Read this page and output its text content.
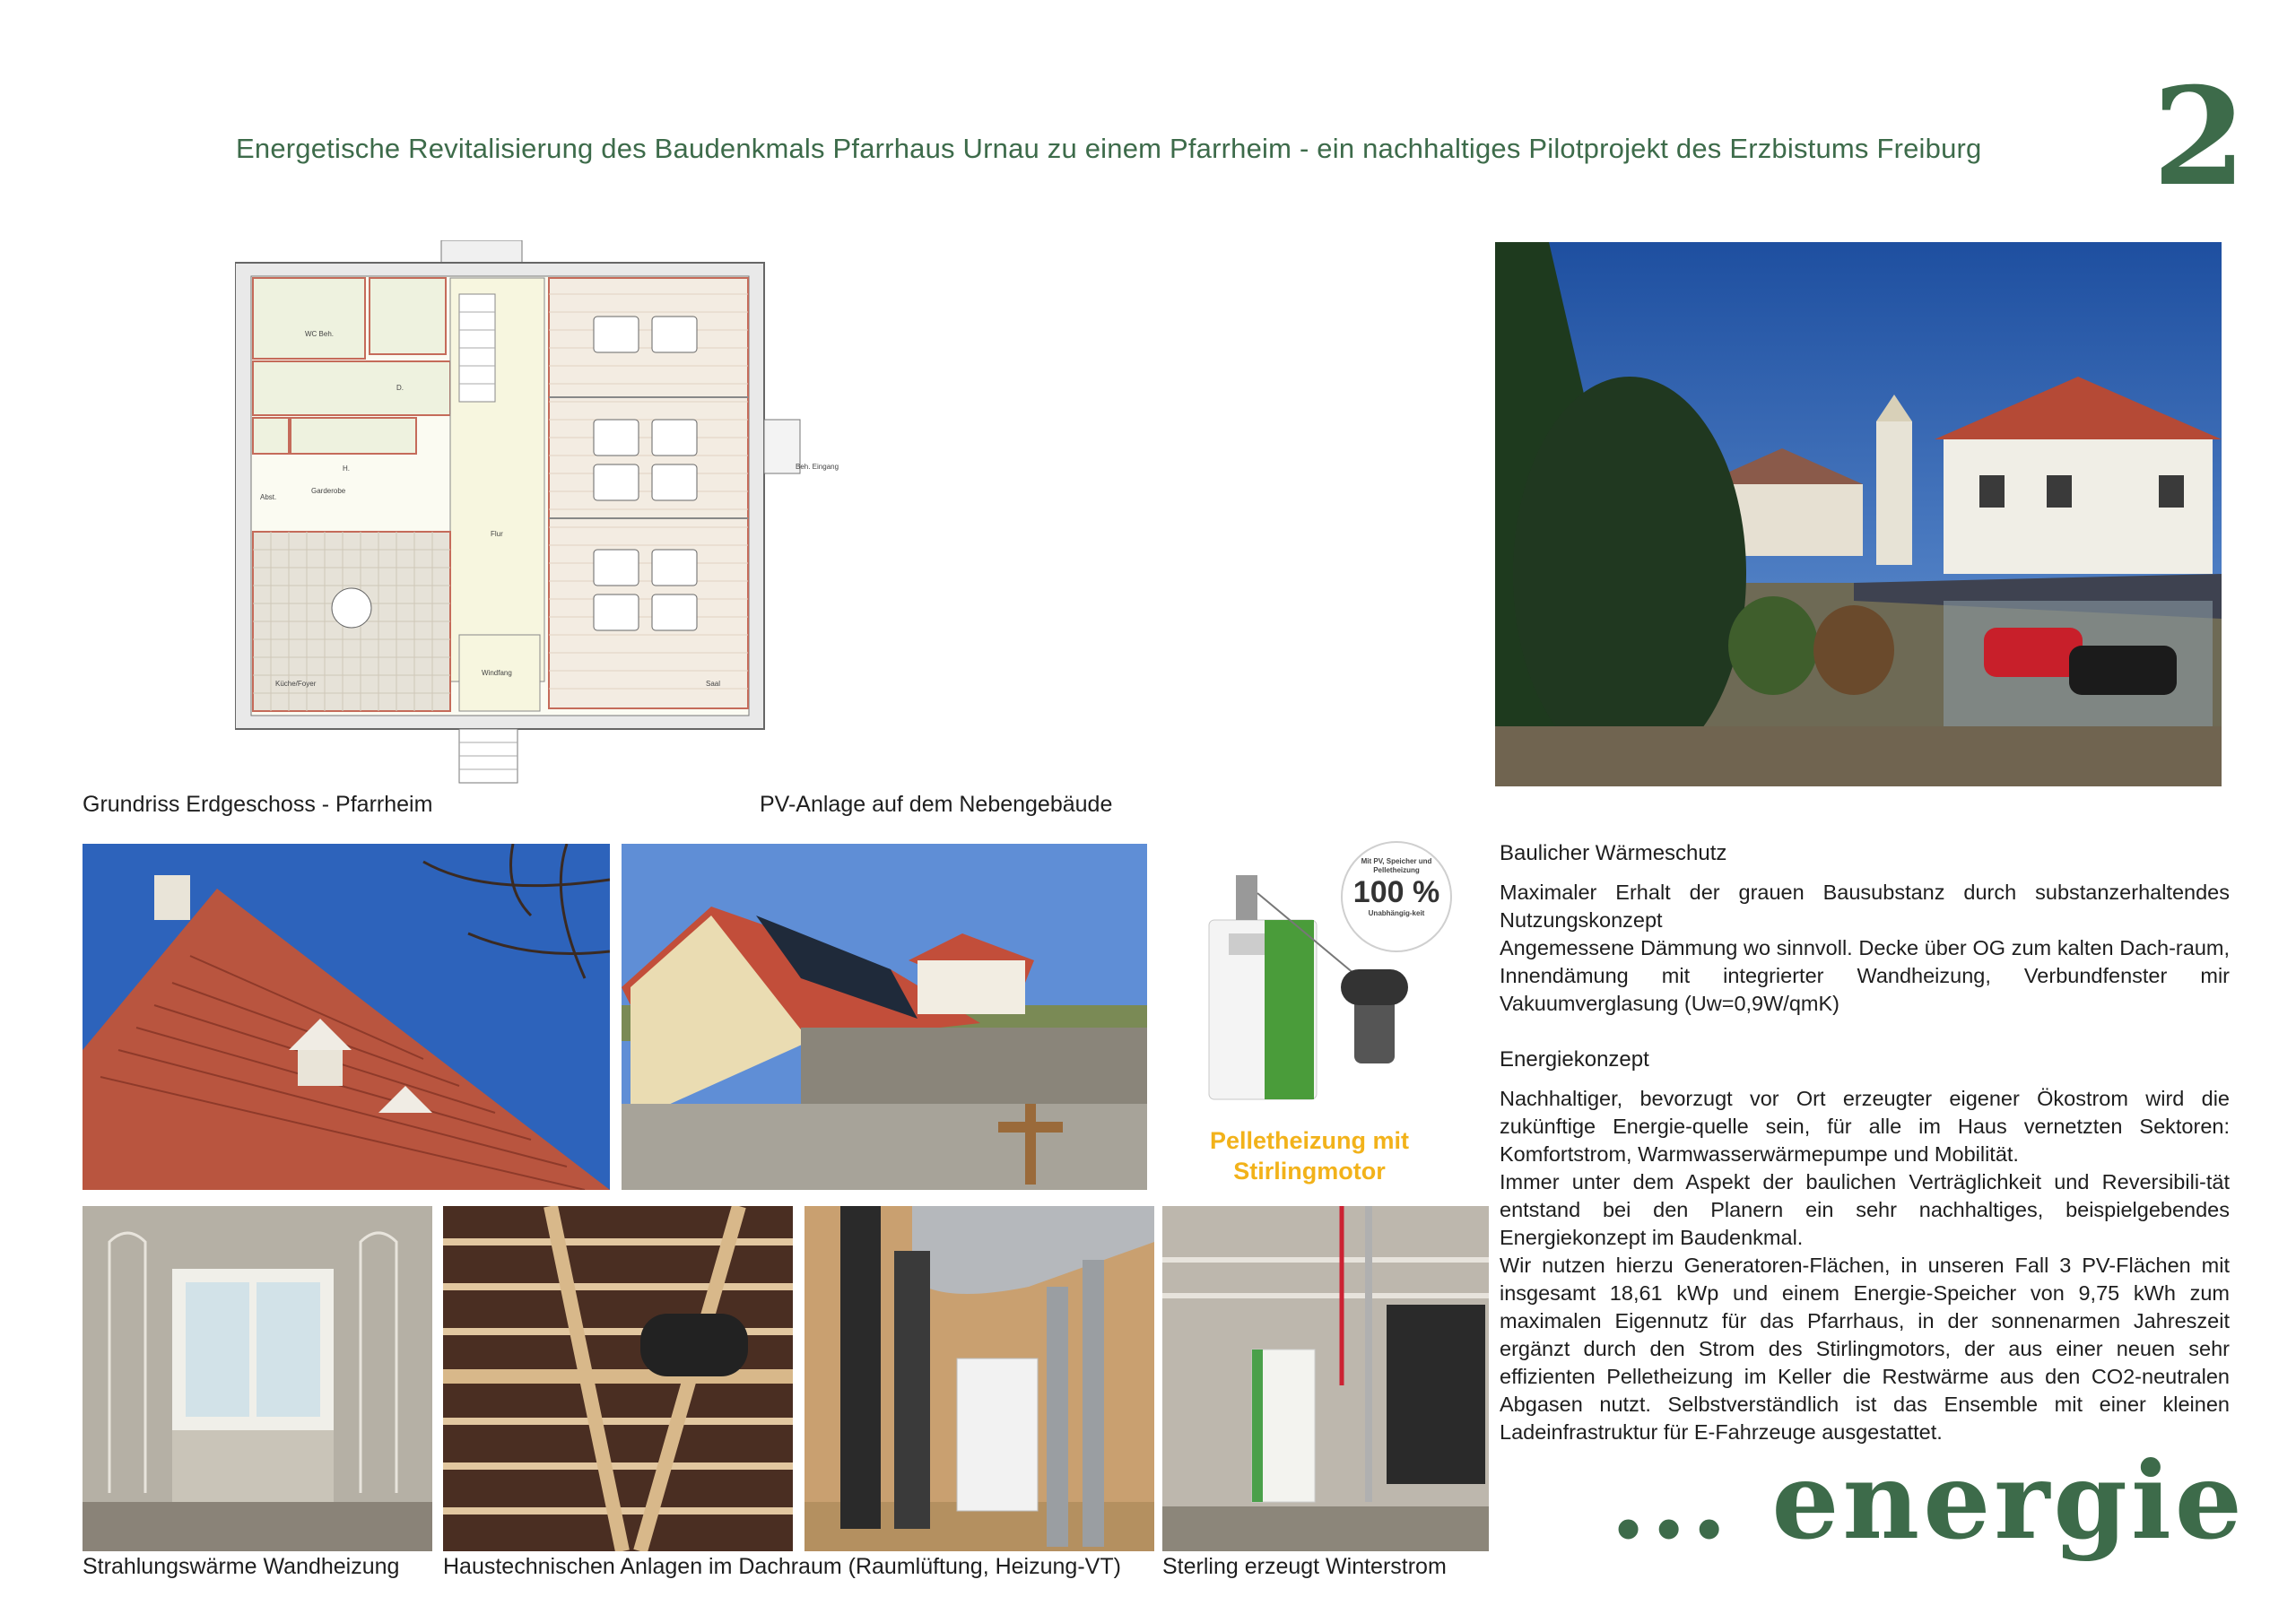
Energetische Revitalisierung des Baudenkmals Pfarrhaus Urnau zu einem Pfarrheim - ein nachhaltiges Pilotprojekt des Erzbistums Freiburg 2
WC Beh.
D.
H.
Abst.
Garderobe
Flur
Küche/Foyer
Windfang
Saal
Beh. Eingang
Grundriss Erdgeschoss - Pfarrheim	PV-Anlage auf dem Nebengebäude
Mit PV, Speicher und Pelletheizung
100 %
Unabhängig-keit
Pelletheizung mit Stirlingmotor
Strahlungswärme Wandheizung Haustechnischen Anlagen im Dachraum (Raumlüftung, Heizung-VT) Sterling erzeugt Winterstrom
Baulicher Wärmeschutz

Maximaler Erhalt der grauen Bausubstanz durch substanzerhaltendes Nutzungskonzept

Angemessene Dämmung wo sinnvoll. Decke über OG zum kalten Dach-raum, Innendämung mit integrierter Wandheizung, Verbundfenster mir Vakuumverglasung (Uw=0,9W/qmK)

Energiekonzept

Nachhaltiger, bevorzugt vor Ort erzeugter eigener Ökostrom wird die zukünftige Energie-quelle sein, für alle im Haus vernetzten Sektoren: Komfortstrom, Warmwasserwärmepumpe und Mobilität.

Immer unter dem Aspekt der baulichen Verträglichkeit und Reversibili-tät entstand bei den Planern ein sehr nachhaltiges, beispielgebendes Energiekonzept im Baudenkmal.

Wir nutzen hierzu Generatoren-Flächen, in unseren Fall 3 PV-Flächen mit insgesamt 18,61 kWp und einem Energie-Speicher von 9,75 kWh zum maximalen Eigennutz für das Pfarrhaus, in der sonnenarmen Jahreszeit ergänzt durch den Strom des Stirlingmotors, der aus einer neuen sehr effizienten Pelletheizung im Keller die Restwärme aus den CO2-neutralen Abgasen nutzt. Selbstverständlich ist das Ensemble mit einer kleinen Ladeinfrastruktur für E-Fahrzeuge ausgestattet.

... energie
